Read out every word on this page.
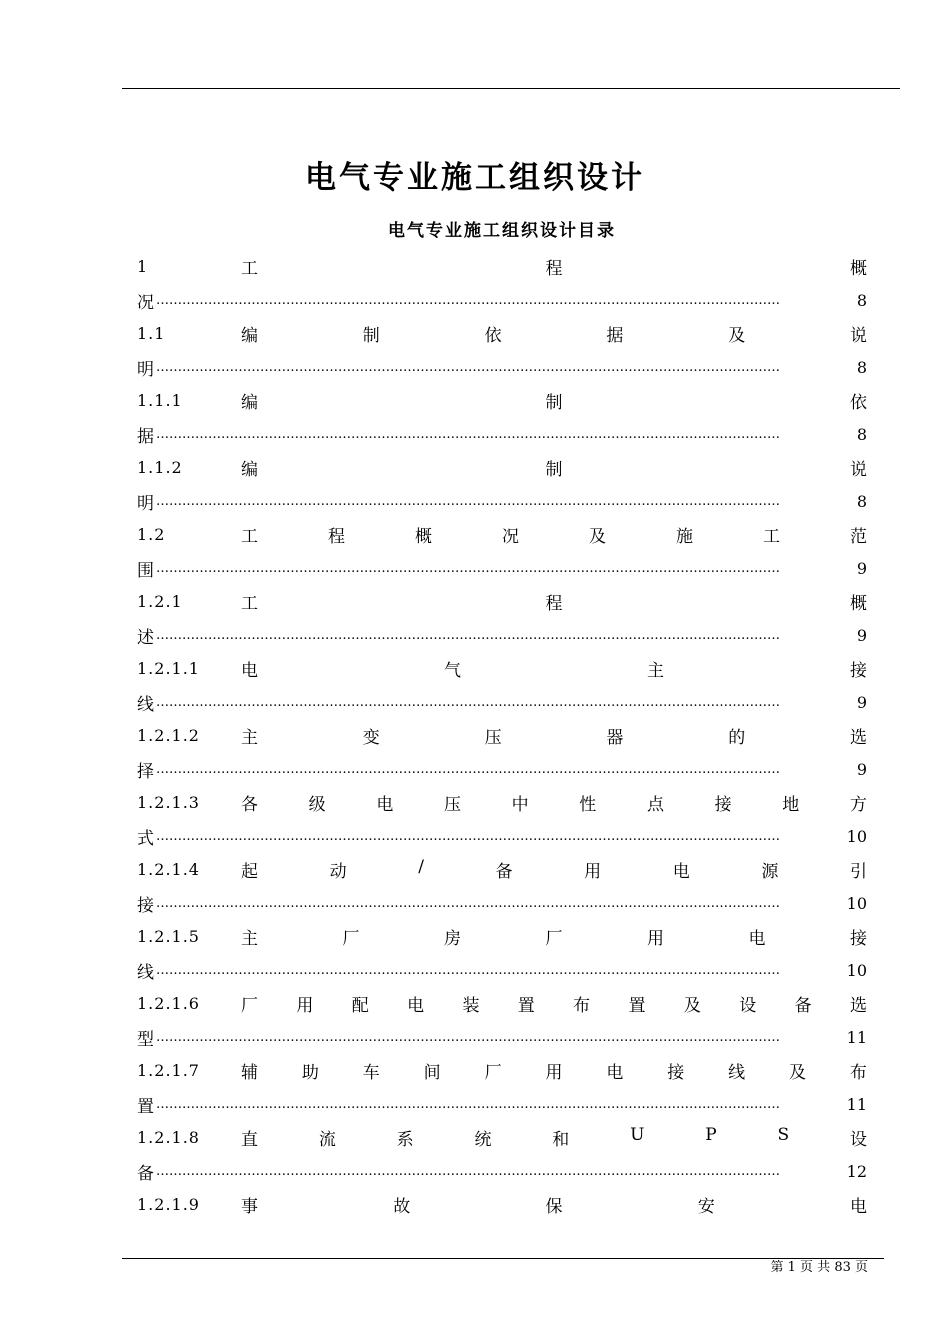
电气专业施工组织设计
电气专业施工组织设计目录
1	工	程	概
况 ………………………………………………………………………………………………………………………………	8
1.1	编	制	依	据	及	说
明 ………………………………………………………………………………………………………………………………	8
1.1.1	编	制	依
据 ………………………………………………………………………………………………………………………………	8
1.1.2	编	制	说
明 ………………………………………………………………………………………………………………………………	8
1.2	工	程	概	况	及	施	工	范
围 ………………………………………………………………………………………………………………………………	9
1.2.1	工	程	概
述 ………………………………………………………………………………………………………………………………	9
1.2.1.1	电	气	主	接
线 ………………………………………………………………………………………………………………………………	9
1.2.1.2	主	变	压	器	的	选
择 ………………………………………………………………………………………………………………………………	9
1.2.1.3	各	级	电	压	中	性	点	接	地	方
式 ………………………………………………………………………………………………………………………………	10
1.2.1.4	起	动	/	备	用	电	源	引
接 ………………………………………………………………………………………………………………………………	10
1.2.1.5	主	厂	房	厂	用	电	接
线 ………………………………………………………………………………………………………………………………	10
1.2.1.6	厂 用 配 电 装 置 布 置 及 设 备 选
型 ………………………………………………………………………………………………………………………………	11
1.2.1.7	辅	助	车	间	厂	用	电	接	线	及	布
置 ………………………………………………………………………………………………………………………………	11
1.2.1.8	直	流	系	统	和	U	P	S	设
备 ………………………………………………………………………………………………………………………………	12
1.2.1.9	事	故	保	安	电
第 1 页 共 83 页
